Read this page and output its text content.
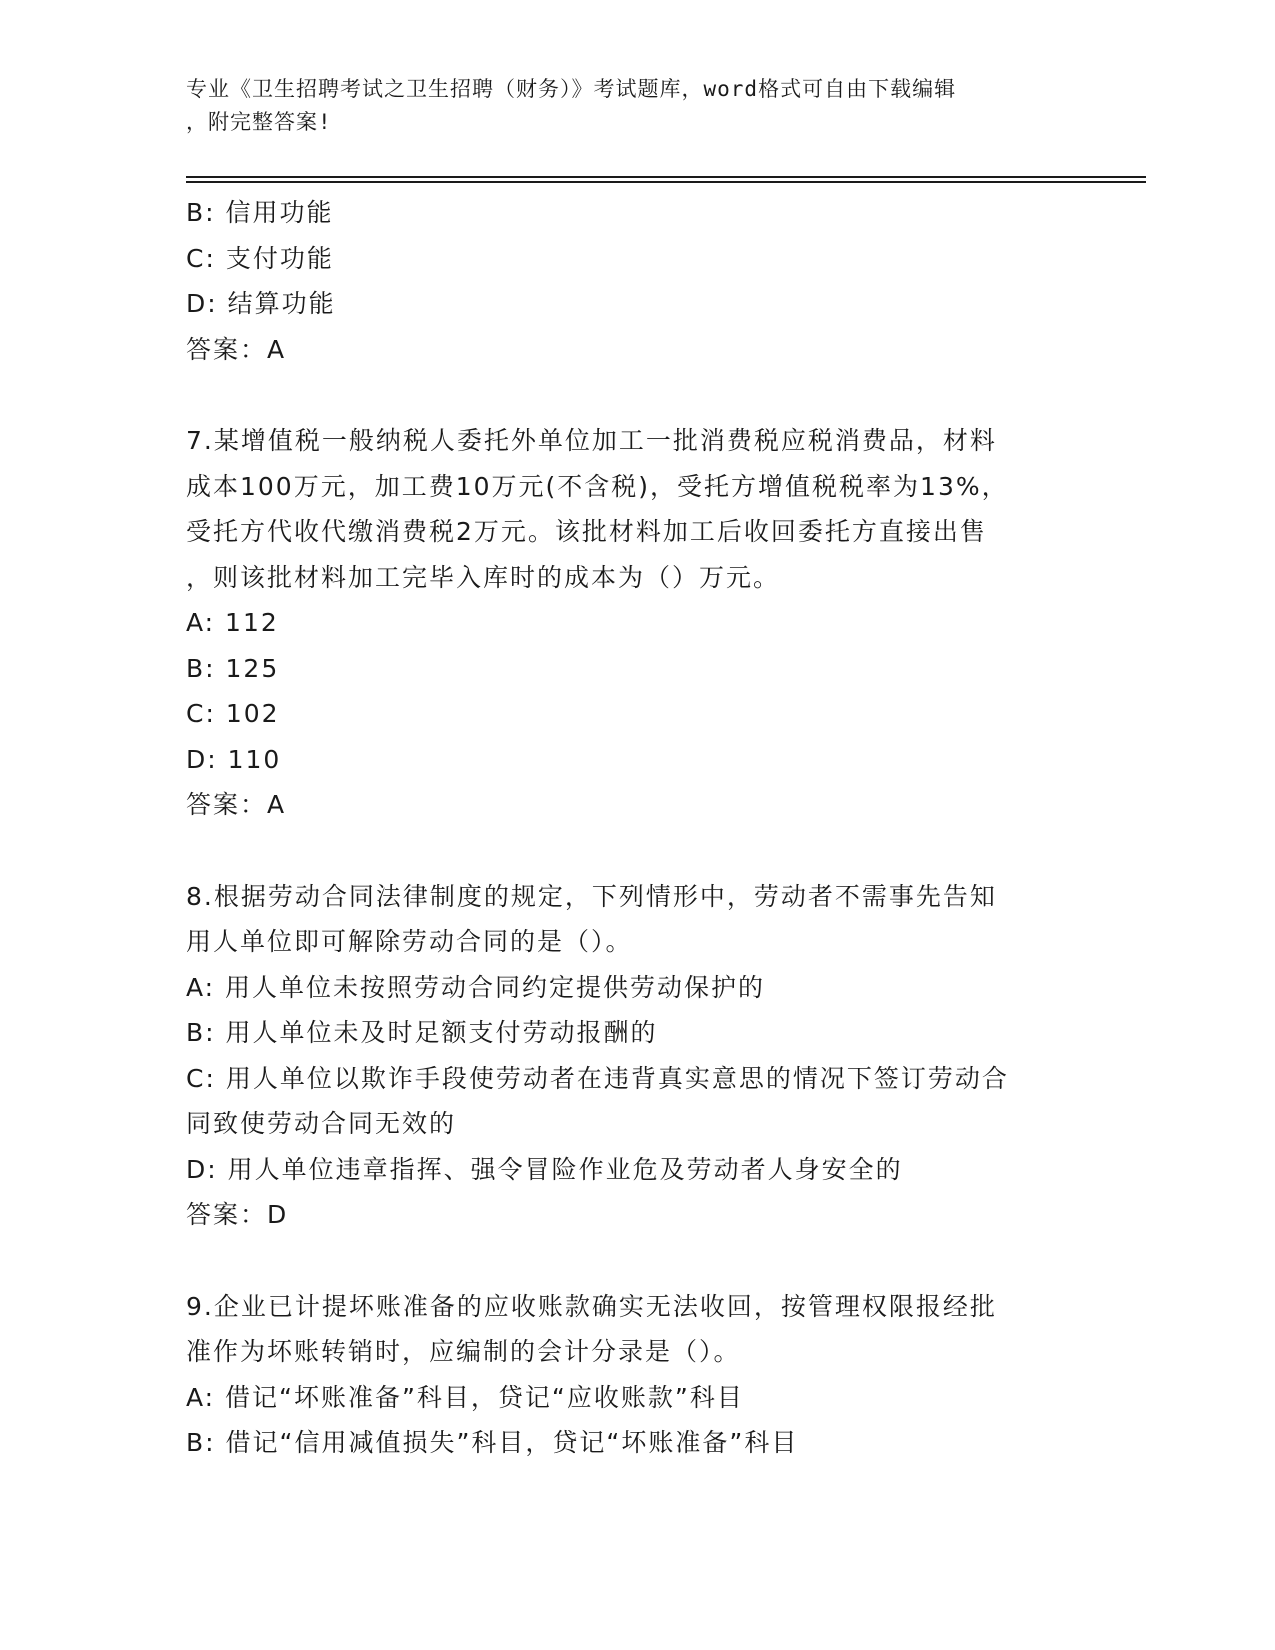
专业《卫生招聘考试之卫生招聘（财务）》考试题库，word格式可自由下载编辑
，附完整答案!
B: 信用功能
C: 支付功能
D: 结算功能
答案：A
7.某增值税一般纳税人委托外单位加工一批消费税应税消费品，材料
成本100万元，加工费10万元(不含税)，受托方增值税税率为13%，
受托方代收代缴消费税2万元。该批材料加工后收回委托方直接出售
，则该批材料加工完毕入库时的成本为（）万元。
A: 112
B: 125
C: 102
D: 110
答案：A
8.根据劳动合同法律制度的规定，下列情形中，劳动者不需事先告知
用人单位即可解除劳动合同的是（）。
A: 用人单位未按照劳动合同约定提供劳动保护的
B: 用人单位未及时足额支付劳动报酬的
C: 用人单位以欺诈手段使劳动者在违背真实意思的情况下签订劳动合
同致使劳动合同无效的
D: 用人单位违章指挥、强令冒险作业危及劳动者人身安全的
答案：D
9.企业已计提坏账准备的应收账款确实无法收回，按管理权限报经批
准作为坏账转销时，应编制的会计分录是（）。
A: 借记“坏账准备”科目，贷记“应收账款”科目
B: 借记“信用减值损失”科目，贷记“坏账准备”科目
